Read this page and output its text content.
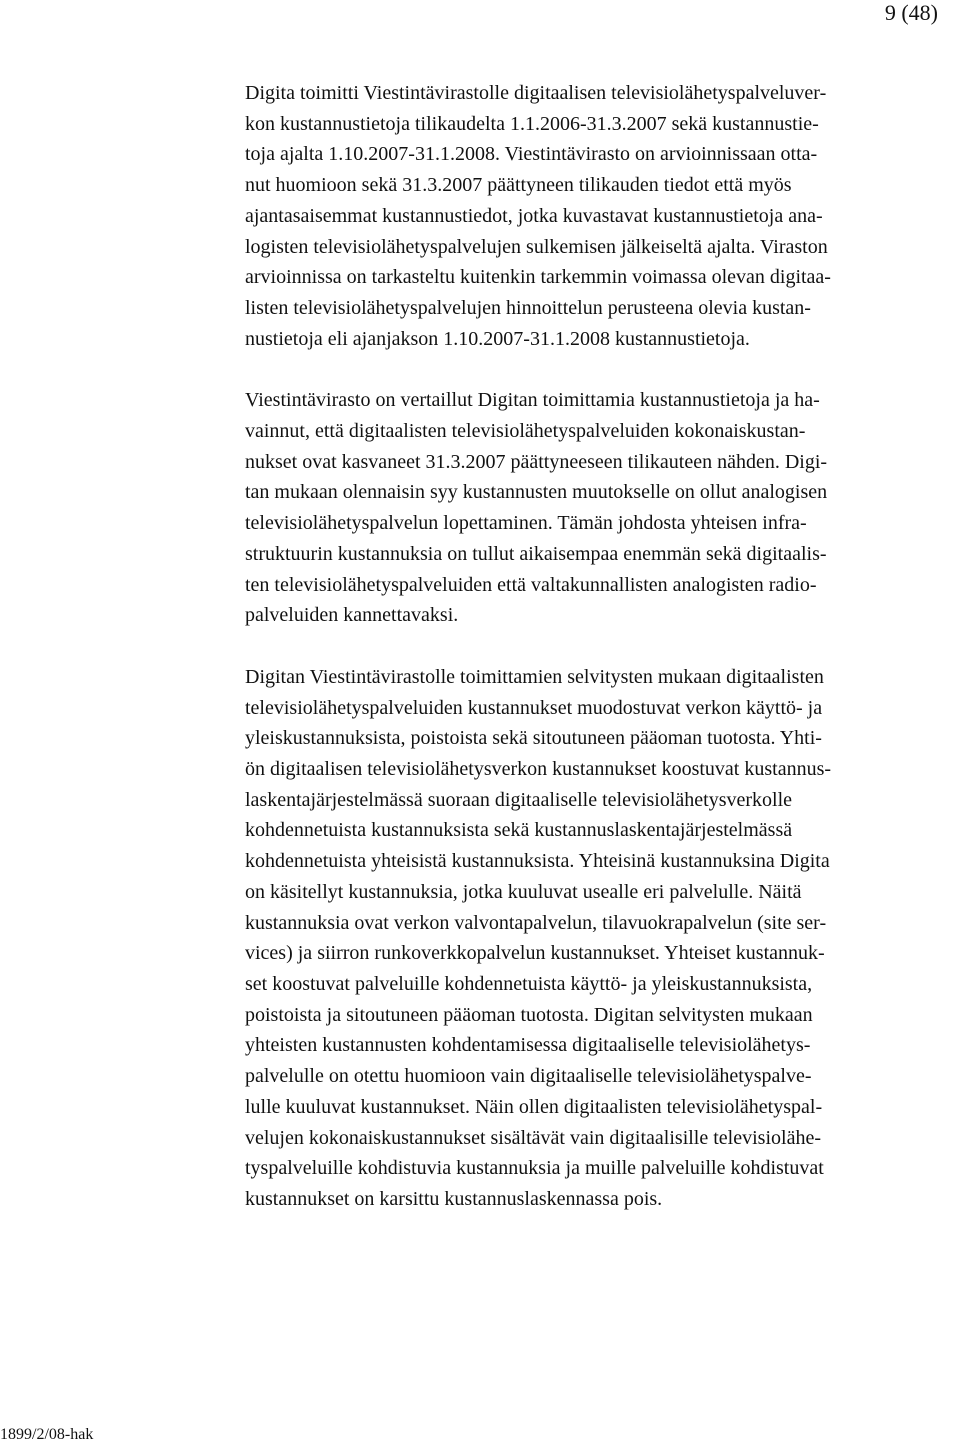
9 (48)

Digita toimitti Viestintävirastolle digitaalisen televisiolähetyspalveluver-
kon kustannustietoja tilikaudelta 1.1.2006-31.3.2007 sekä kustannustie-
toja ajalta 1.10.2007-31.1.2008. Viestintävirasto on arvioinnissaan otta-
nut huomioon sekä 31.3.2007 päättyneen tilikauden tiedot että myös
ajantasaisemmat kustannustiedot, jotka kuvastavat kustannustietoja ana-
logisten televisiolähetyspalvelujen sulkemisen jälkeiseltä ajalta. Viraston
arvioinnissa on tarkasteltu kuitenkin tarkemmin voimassa olevan digitaa-
listen televisiolähetyspalvelujen hinnoittelun perusteena olevia kustan-
nustietoja eli ajanjakson 1.10.2007-31.1.2008 kustannustietoja.

Viestintävirasto on vertaillut Digitan toimittamia kustannustietoja ja ha-
vainnut, että digitaalisten televisiolähetyspalveluiden kokonaiskustan-
nukset ovat kasvaneet 31.3.2007 päättyneeseen tilikauteen nähden. Digi-
tan mukaan olennaisin syy kustannusten muutokselle on ollut analogisen
televisiolähetyspalvelun lopettaminen. Tämän johdosta yhteisen infra-
struktuurin kustannuksia on tullut aikaisempaa enemmän sekä digitaalis-
ten televisiolähetyspalveluiden että valtakunnallisten analogisten radio-
palveluiden kannettavaksi.

Digitan Viestintävirastolle toimittamien selvitysten mukaan digitaalisten
televisiolähetyspalveluiden kustannukset muodostuvat verkon käyttö- ja
yleiskustannuksista, poistoista sekä sitoutuneen pääoman tuotosta. Yhti-
ön digitaalisen televisiolähetysverkon kustannukset koostuvat kustannus-
laskentajärjestelmässä suoraan digitaaliselle televisiolähetysverkolle
kohdennetuista kustannuksista sekä kustannuslaskentajärjestelmässä
kohdennetuista yhteisistä kustannuksista. Yhteisinä kustannuksina Digita
on käsitellyt kustannuksia, jotka kuuluvat usealle eri palvelulle. Näitä
kustannuksia ovat verkon valvontapalvelun, tilavuokrapalvelun (site ser-
vices) ja siirron runkoverkkopalvelun kustannukset. Yhteiset kustannuk-
set koostuvat palveluille kohdennetuista käyttö- ja yleiskustannuksista,
poistoista ja sitoutuneen pääoman tuotosta. Digitan selvitysten mukaan
yhteisten kustannusten kohdentamisessa digitaaliselle televisiolähetys-
palvelulle on otettu huomioon vain digitaaliselle televisiolähetyspalve-
lulle kuuluvat kustannukset. Näin ollen digitaalisten televisiolähetyspal-
velujen kokonaiskustannukset sisältävät vain digitaalisille televisiolähe-
tyspalveluille kohdistuvia kustannuksia ja muille palveluille kohdistuvat
kustannukset on karsittu kustannuslaskennassa pois.

1899/2/08-hak
